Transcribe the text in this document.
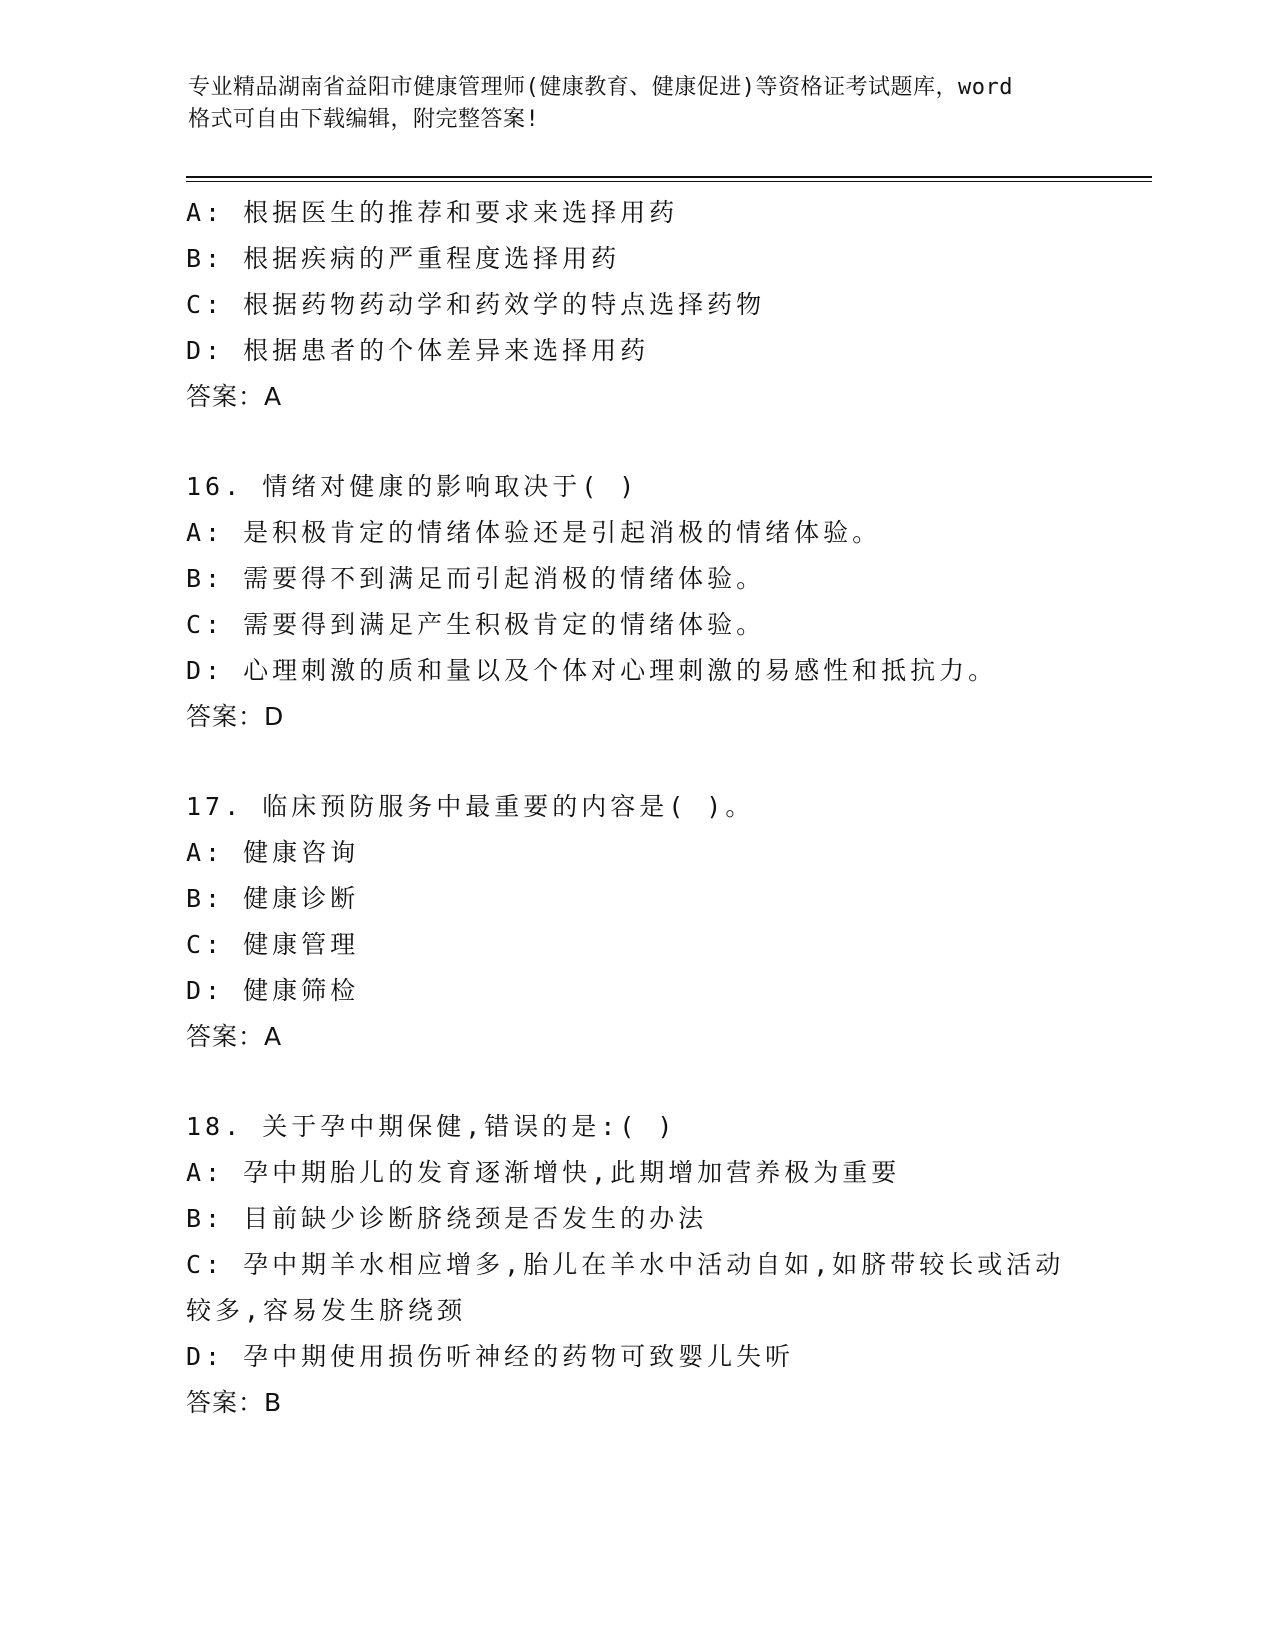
专业精品湖南省益阳市健康管理师(健康教育、健康促进)等资格证考试题库，word
格式可自由下载编辑，附完整答案!
A: 根据医生的推荐和要求来选择用药
B: 根据疾病的严重程度选择用药
C: 根据药物药动学和药效学的特点选择药物
D: 根据患者的个体差异来选择用药
答案：A
16. 情绪对健康的影响取决于( )
A: 是积极肯定的情绪体验还是引起消极的情绪体验。
B: 需要得不到满足而引起消极的情绪体验。
C: 需要得到满足产生积极肯定的情绪体验。
D: 心理刺激的质和量以及个体对心理刺激的易感性和抵抗力。
答案：D
17. 临床预防服务中最重要的内容是( )。
A: 健康咨询
B: 健康诊断
C: 健康管理
D: 健康筛检
答案：A
18. 关于孕中期保健,错误的是:( )
A: 孕中期胎儿的发育逐渐增快,此期增加营养极为重要
B: 目前缺少诊断脐绕颈是否发生的办法
C: 孕中期羊水相应增多,胎儿在羊水中活动自如,如脐带较长或活动较多,容易发生脐绕颈
D: 孕中期使用损伤听神经的药物可致婴儿失听
答案：B
